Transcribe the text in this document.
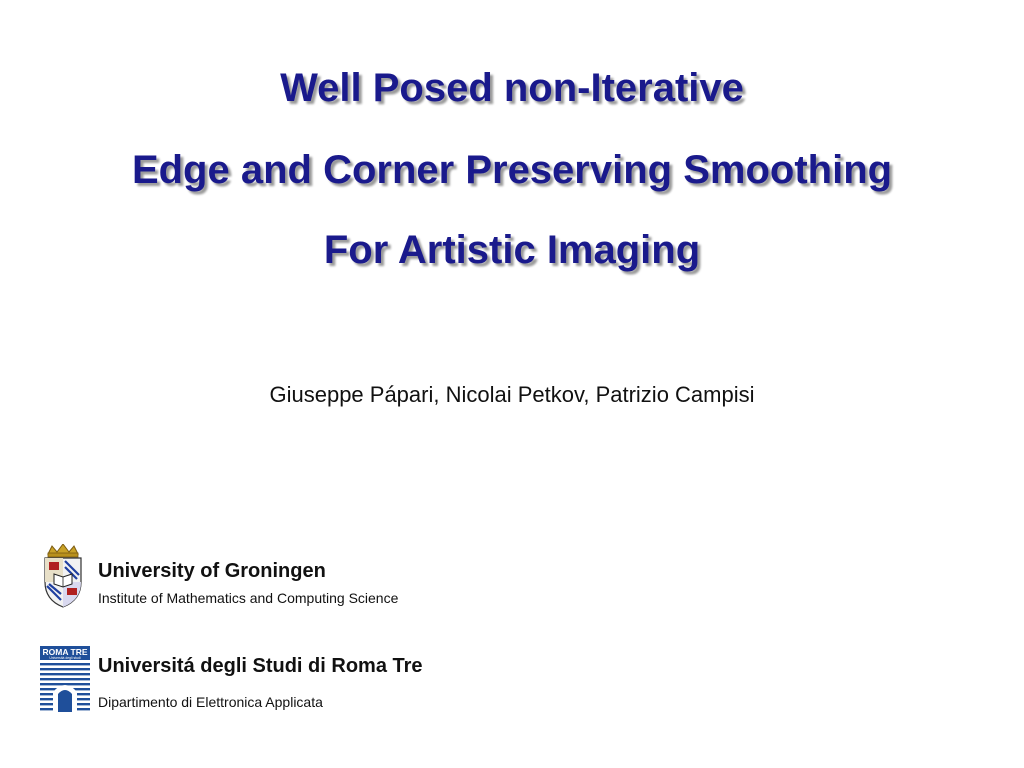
Well Posed non-Iterative
Edge and Corner Preserving Smoothing
For Artistic Imaging
Giuseppe Pápari, Nicolai Petkov, Patrizio Campisi
University of Groningen
Institute of Mathematics and Computing Science
ROMA TRE
Università degli studi Universitá degli Studi di Roma Tre
Dipartimento di Elettronica Applicata
